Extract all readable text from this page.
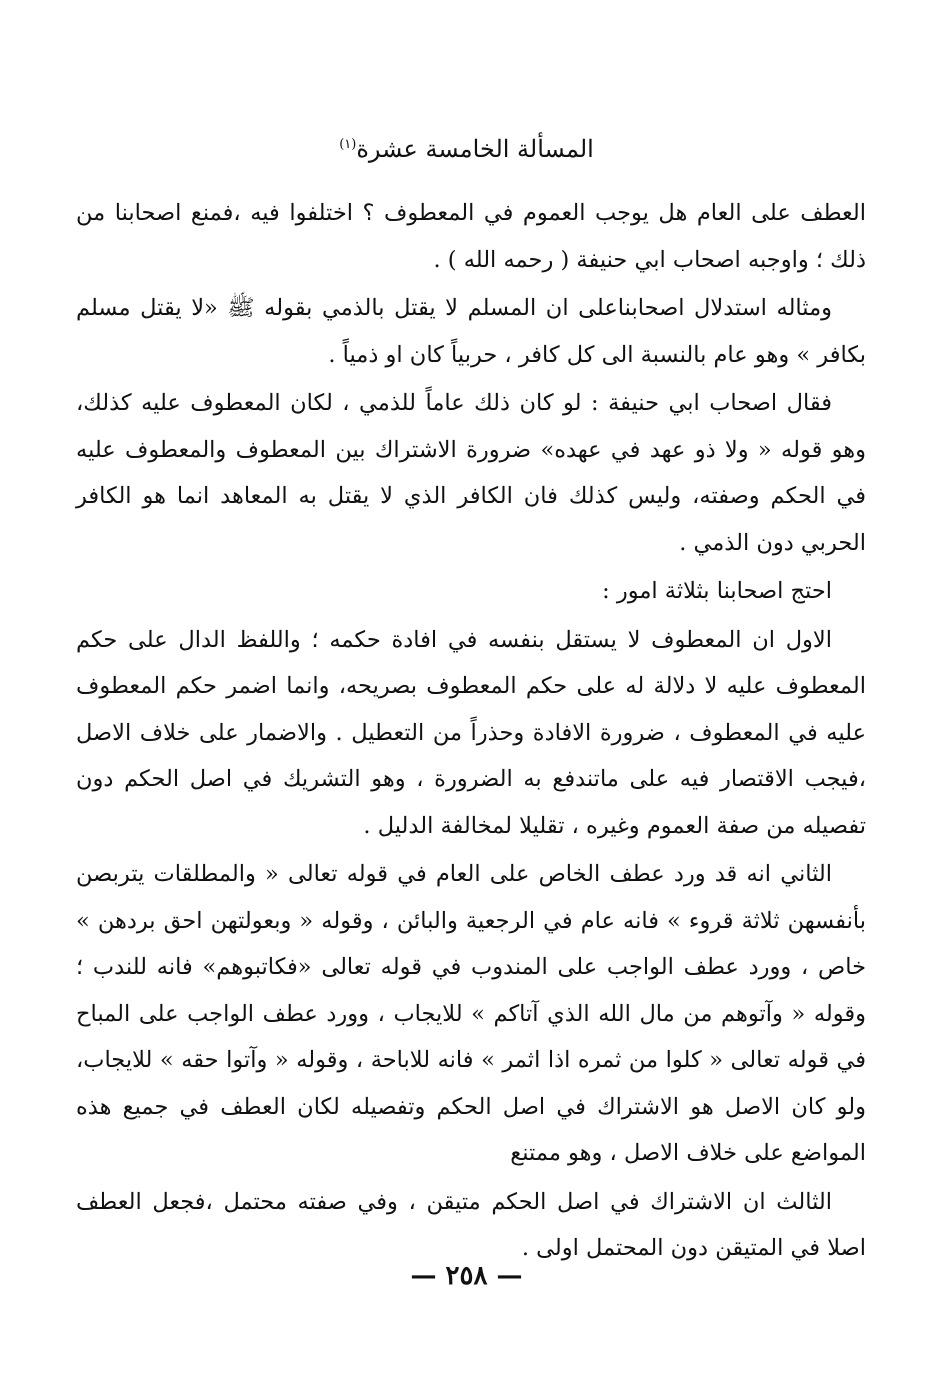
المسألة الخامسة عشرة$^{(١)}$

العطف على العام هل يوجب العموم في المعطوف ؟ اختلفوا فيه ،فمنع اصحابنا من ذلك ؛ واوجبه اصحاب ابي حنيفة ( رحمه الله ) .

ومثاله استدلال اصحابناعلى ان المسلم لا يقتل بالذمي بقوله ﷺ «لا يقتل مسلم بكافر » وهو عام بالنسبة الى كل كافر ، حربياً كان او ذمياً .

فقال اصحاب ابي حنيفة : لو كان ذلك عاماً للذمي ، لكان المعطوف عليه كذلك، وهو قوله « ولا ذو عهد في عهده» ضرورة الاشتراك بين المعطوف والمعطوف عليه في الحكم وصفته، وليس كذلك فان الكافر الذي لا يقتل به المعاهد انما هو الكافر الحربي دون الذمي .

احتج اصحابنا بثلاثة امور :

الاول ان المعطوف لا يستقل بنفسه في افادة حكمه ؛ واللفظ الدال على حكم المعطوف عليه لا دلالة له على حكم المعطوف بصريحه، وانما اضمر حكم المعطوف عليه في المعطوف ، ضرورة الافادة وحذراً من التعطيل . والاضمار على خلاف الاصل ،فيجب الاقتصار فيه على ماتندفع به الضرورة ، وهو التشريك في اصل الحكم دون تفصيله من صفة العموم وغيره ، تقليلا لمخالفة الدليل .

الثاني انه قد ورد عطف الخاص على العام في قوله تعالى « والمطلقات يتربصن بأنفسهن ثلاثة قروء » فانه عام في الرجعية والبائن ، وقوله « وبعولتهن احق بردهن » خاص ، وورد عطف الواجب على المندوب في قوله تعالى «فكاتبوهم» فانه للندب ؛ وقوله « وآتوهم من مال الله الذي آتاكم » للايجاب ، وورد عطف الواجب على المباح في قوله تعالى « كلوا من ثمره اذا اثمر » فانه للاباحة ، وقوله « وآتوا حقه » للايجاب، ولو كان الاصل هو الاشتراك في اصل الحكم وتفصيله لكان العطف في جميع هذه المواضع على خلاف الاصل ، وهو ممتنع

الثالث ان الاشتراك في اصل الحكم متيقن ، وفي صفته محتمل ،فجعل العطف اصلا في المتيقن دون المحتمل اولى .

— ٢٥٨ —
